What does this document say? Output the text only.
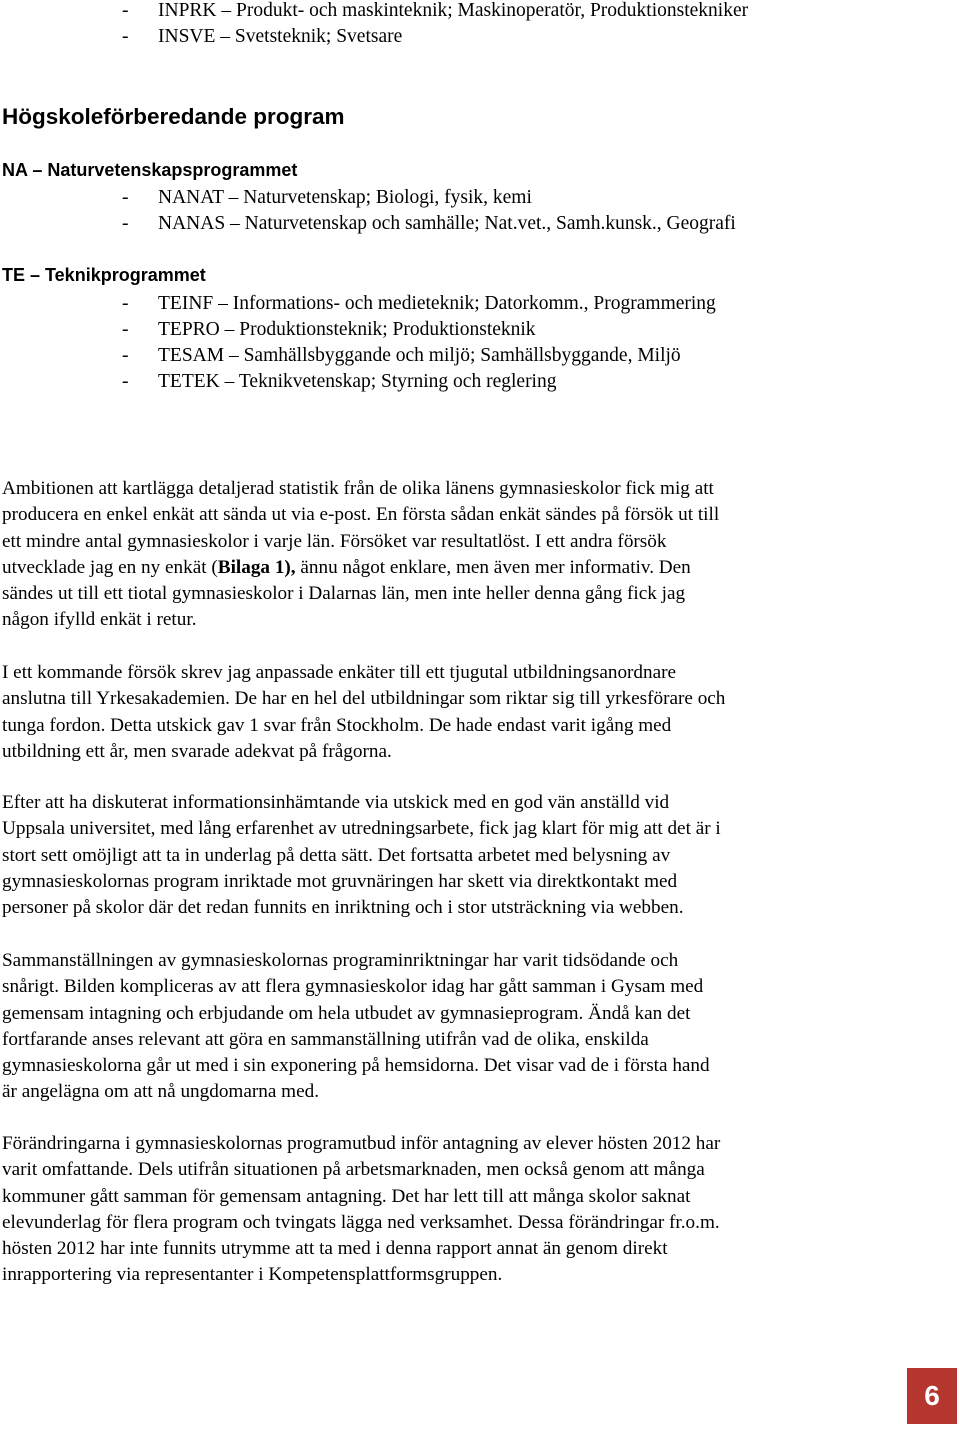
- INPRK – Produkt- och maskinteknik; Maskinoperatör, Produktionstekniker
- INSVE – Svetsteknik; Svetsare
Högskoleförberedande program
NA – Naturvetenskapsprogrammet
- NANAT – Naturvetenskap; Biologi, fysik, kemi
- NANAS – Naturvetenskap och samhälle; Nat.vet., Samh.kunsk., Geografi
TE – Teknikprogrammet
- TEINF – Informations- och medieteknik; Datorkomm., Programmering
- TEPRO – Produktionsteknik; Produktionsteknik
- TESAM – Samhällsbyggande och miljö; Samhällsbyggande, Miljö
- TETEK – Teknikvetenskap; Styrning och reglering
Ambitionen att kartlägga detaljerad statistik från de olika länens gymnasieskolor fick mig att
producera en enkel enkät att sända ut via e-post. En första sådan enkät sändes på försök ut till
ett mindre antal gymnasieskolor i varje län. Försöket var resultatlöst. I ett andra försök
utvecklade jag en ny enkät (Bilaga 1), ännu något enklare, men även mer informativ. Den
sändes ut till ett tiotal gymnasieskolor i Dalarnas län, men inte heller denna gång fick jag
någon ifylld enkät i retur.
I ett kommande försök skrev jag anpassade enkäter till ett tjugutal utbildningsanordnare
anslutna till Yrkesakademien. De har en hel del utbildningar som riktar sig till yrkesförare och
tunga fordon. Detta utskick gav 1 svar från Stockholm. De hade endast varit igång med
utbildning ett år, men svarade adekvat på frågorna.
Efter att ha diskuterat informationsinhämtande via utskick med en god vän anställd vid
Uppsala universitet, med lång erfarenhet av utredningsarbete, fick jag klart för mig att det är i
stort sett omöjligt att ta in underlag på detta sätt. Det fortsatta arbetet med belysning av
gymnasieskolornas program inriktade mot gruvnäringen har skett via direktkontakt med
personer på skolor där det redan funnits en inriktning och i stor utsträckning via webben.
Sammanställningen av gymnasieskolornas programinriktningar har varit tidsödande och
snårigt. Bilden kompliceras av att flera gymnasieskolor idag har gått samman i Gysam med
gemensam intagning och erbjudande om hela utbudet av gymnasieprogram. Ändå kan det
fortfarande anses relevant att göra en sammanställning utifrån vad de olika, enskilda
gymnasieskolorna går ut med i sin exponering på hemsidorna. Det visar vad de i första hand
är angelägna om att nå ungdomarna med.
Förändringarna i gymnasieskolornas programutbud inför antagning av elever hösten 2012 har
varit omfattande. Dels utifrån situationen på arbetsmarknaden, men också genom att många
kommuner gått samman för gemensam antagning. Det har lett till att många skolor saknat
elevunderlag för flera program och tvingats lägga ned verksamhet. Dessa förändringar fr.o.m.
hösten 2012 har inte funnits utrymme att ta med i denna rapport annat än genom direkt
inrapportering via representanter i Kompetensplattformsgruppen.
6
